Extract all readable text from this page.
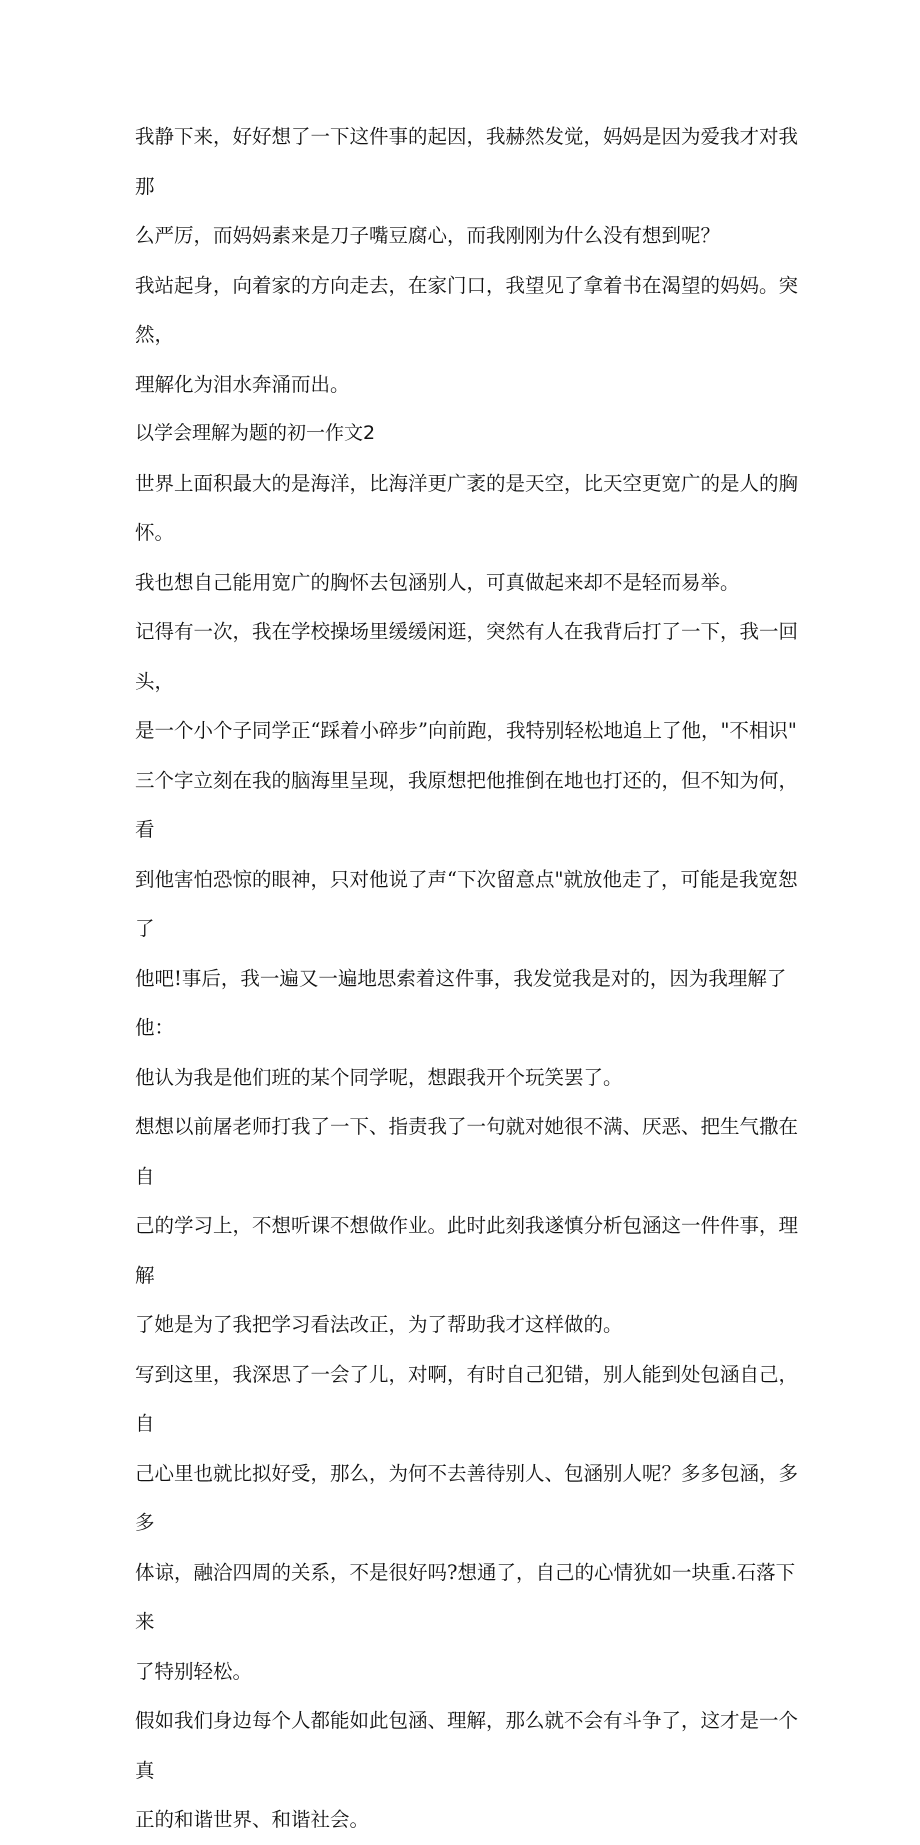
我静下来，好好想了一下这件事的起因，我赫然发觉，妈妈是因为爱我才对我那
么严厉，而妈妈素来是刀子嘴豆腐心，而我刚刚为什么没有想到呢？

我站起身，向着家的方向走去，在家门口，我望见了拿着书在渴望的妈妈。突然，
理解化为泪水奔涌而出。

以学会理解为题的初一作文2

世界上面积最大的是海洋，比海洋更广袤的是天空，比天空更宽广的是人的胸怀。
我也想自己能用宽广的胸怀去包涵别人，可真做起来却不是轻而易举。

记得有一次，我在学校操场里缓缓闲逛，突然有人在我背后打了一下，我一回头，
是一个小个子同学正“踩着小碎步”向前跑，我特别轻松地追上了他，"不相识"
三个字立刻在我的脑海里呈现，我原想把他推倒在地也打还的，但不知为何，看
到他害怕恐惊的眼神，只对他说了声“下次留意点"就放他走了，可能是我宽恕了
他吧!事后，我一遍又一遍地思索着这件事，我发觉我是对的，因为我理解了他：
他认为我是他们班的某个同学呢，想跟我开个玩笑罢了。

想想以前屠老师打我了一下、指责我了一句就对她很不满、厌恶、把生气撒在自
己的学习上，不想听课不想做作业。此时此刻我遂慎分析包涵这一件件事，理解
了她是为了我把学习看法改正，为了帮助我才这样做的。

写到这里，我深思了一会了儿，对啊，有时自己犯错，别人能到处包涵自己，自
己心里也就比拟好受，那么，为何不去善待别人、包涵别人呢？多多包涵，多多
体谅，融洽四周的关系，不是很好吗?想通了，自己的心情犹如一块重.石落下来
了特别轻松。

假如我们身边每个人都能如此包涵、理解，那么就不会有斗争了，这才是一个真
正的和谐世界、和谐社会。
